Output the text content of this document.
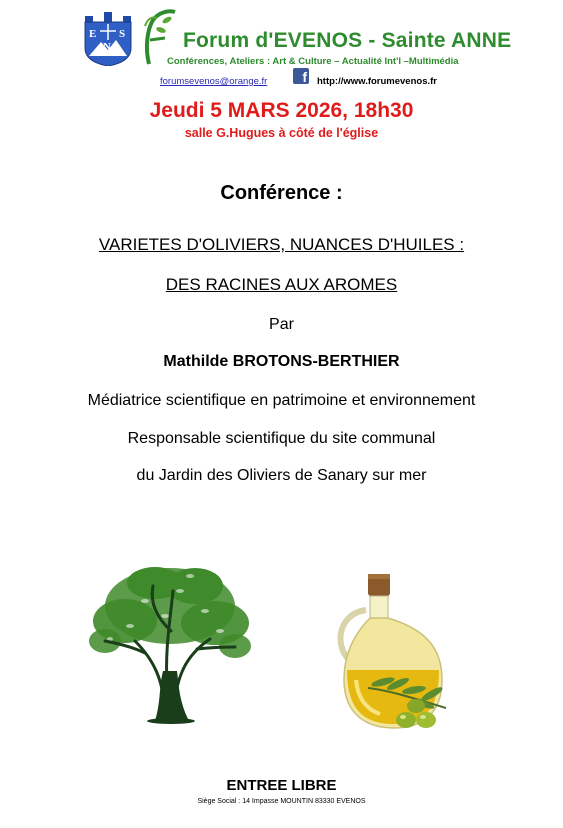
E S
N	Forum d'EVENOS - Sainte ANNE
Conférences, Ateliers : Art & Culture – Actualité Int'l –Multimédia
forumsevenos@orange.fr	f http://www.forumevenos.fr
Jeudi 5 MARS 2026, 18h30
salle G.Hugues à côté de l'église
Conférence :
VARIETES D'OLIVIERS, NUANCES D'HUILES :
DES RACINES AUX AROMES
Par
Mathilde BROTONS-BERTHIER
Médiatrice scientifique en patrimoine et environnement
Responsable scientifique du site communal
du Jardin des Oliviers de Sanary sur mer
ENTREE LIBRE
Siège Social : 14 Impasse MOUNTIN 83330 EVENOS
